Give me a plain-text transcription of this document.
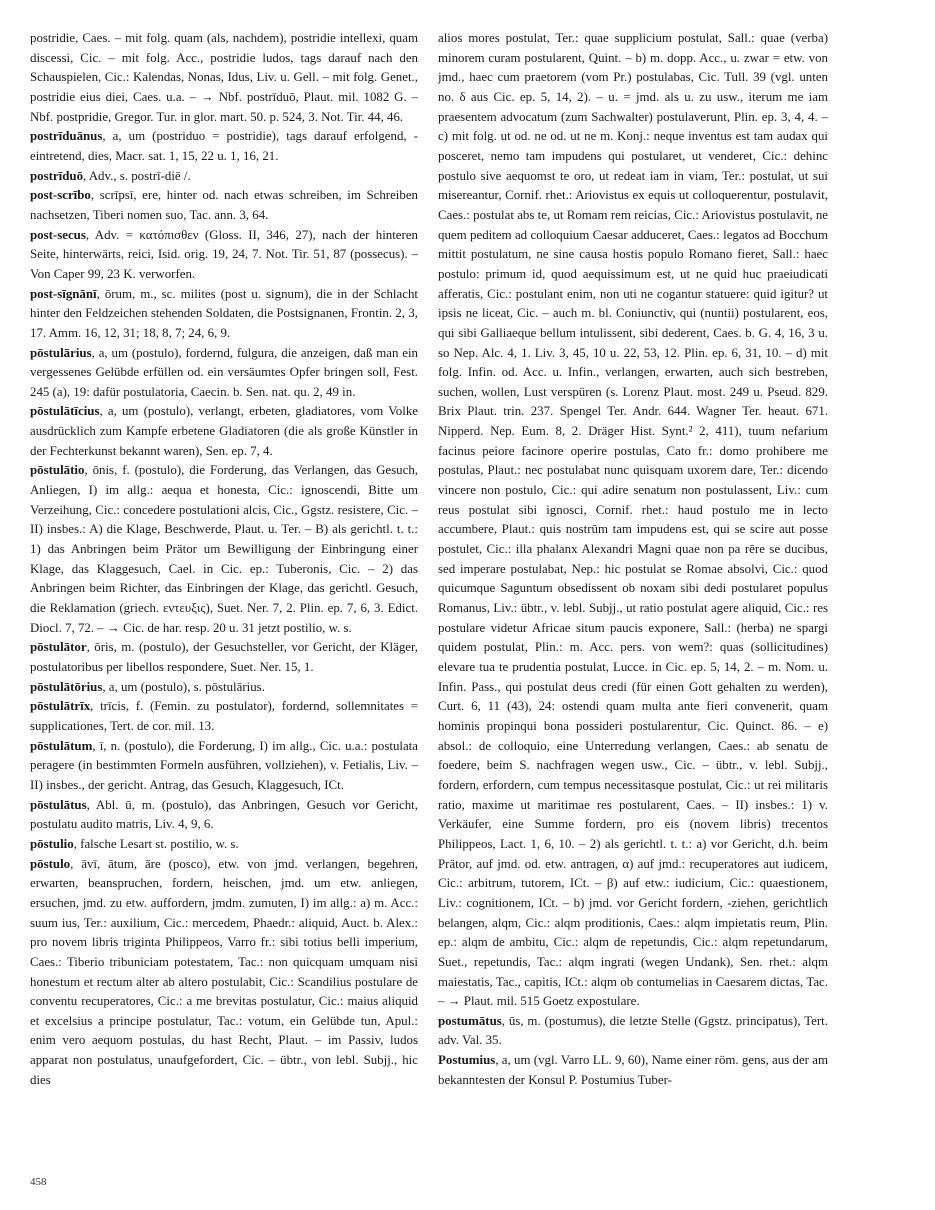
postridie, Caes. – mit folg. quam (als, nachdem), postridie intellexi, quam discessi, Cic. – mit folg. Acc., postridie ludos, tags darauf nach den Schauspielen, Cic.: Kalendas, Nonas, Idus, Liv. u. Gell. – mit folg. Genet., postridie eius diei, Caes. u.a. – → Nbf. postrīduō, Plaut. mil. 1082 G. – Nbf. postpridie, Gregor. Tur. in glor. mart. 50. p. 524, 3. Not. Tir. 44, 46.

postrīduānus, a, um (postriduo = postridie), tags darauf erfolgend, -eintretend, dies, Macr. sat. 1, 15, 22 u. 1, 16, 21.

postrīduō, Adv., s. postrī-diē /.

post-scrībo, scrīpsī, ere, hinter od. nach etwas schreiben, im Schreiben nachsetzen, Tiberi nomen suo, Tac. ann. 3, 64.

post-secus, Adv. = κατόπισθεν (Gloss. II, 346, 27), nach der hinteren Seite, hinterwärts, reici, Isid. orig. 19, 24, 7. Not. Tir. 51, 87 (possecus). – Von Caper 99, 23 K. verworfen.

post-sīgnānī, ōrum, m., sc. milites (post u. signum), die in der Schlacht hinter den Feldzeichen stehenden Soldaten, die Postsignanen, Frontin. 2, 3, 17. Amm. 16, 12, 31; 18, 8, 7; 24, 6, 9.

pōstulārius, a, um (postulo), fordernd, fulgura, die anzeigen, daß man ein vergessenes Gelübde erfüllen od. ein versäumtes Opfer bringen soll, Fest. 245 (a), 19: dafür postulatoria, Caecin. b. Sen. nat. qu. 2, 49 in.

pōstulātīcius, a, um (postulo), verlangt, erbeten, gladiatores, vom Volke ausdrücklich zum Kampfe erbetene Gladiatoren (die als große Künstler in der Fechterkunst bekannt waren), Sen. ep. 7, 4.

pōstulātio, ōnis, f. (postulo), die Forderung, das Verlangen, das Gesuch, Anliegen, I) im allg.: aequa et honesta, Cic.: ignoscendi, Bitte um Verzeihung, Cic.: concedere postulationi alcis, Cic., Ggstz. resistere, Cic. – II) insbes.: A) die Klage, Beschwerde, Plaut. u. Ter. – B) als gerichtl. t. t.: 1) das Anbringen beim Prätor um Bewilligung der Einbringung einer Klage, das Klaggesuch, Cael. in Cic. ep.: Tuberonis, Cic. – 2) das Anbringen beim Richter, das Einbringen der Klage, das gerichtl. Gesuch, die Reklamation (griech. εντευξις), Suet. Ner. 7, 2. Plin. ep. 7, 6, 3. Edict. Diocl. 7, 72. – → Cic. de har. resp. 20 u. 31 jetzt postilio, w. s.

pōstulātor, ōris, m. (postulo), der Gesuchsteller, vor Gericht, der Kläger, postulatoribus per libellos respondere, Suet. Ner. 15, 1.

pōstulātōrius, a, um (postulo), s. pōstulārius.

pōstulātrīx, trīcis, f. (Femin. zu postulator), fordernd, sollemnitates = supplicationes, Tert. de cor. mil. 13.

pōstulātum, ī, n. (postulo), die Forderung, I) im allg., Cic. u.a.: postulata peragere (in bestimmten Formeln ausführen, vollziehen), v. Fetialis, Liv. – II) insbes., der gericht. Antrag, das Gesuch, Klaggesuch, ICt.

pōstulātus, Abl. ū, m. (postulo), das Anbringen, Gesuch vor Gericht, postulatu audito matris, Liv. 4, 9, 6.

pōstulio, falsche Lesart st. postilio, w. s.

pōstulo, āvī, ātum, āre (posco), etw. von jmd. verlangen, begehren, erwarten, beanspruchen, fordern, heischen, jmd. um etw. anliegen, ersuchen, jmd. zu etw. auffordern, jmdm. zumuten, I) im allg.: a) m. Acc.: suum ius, Ter.: auxilium, Cic.: mercedem, Phaedr.: aliquid, Auct. b. Alex.: pro novem libris triginta Philippeos, Varro fr.: sibi totius belli imperium, Caes.: Tiberio tribuniciam potestatem, Tac.: non quicquam umquam nisi honestum et rectum alter ab altero postulabit, Cic.: Scandilius postulare de conventu recuperatores, Cic.: a me brevitas postulatur, Cic.: maius aliquid et excelsius a principe postulatur, Tac.: votum, ein Gelübde tun, Apul.: enim vero aequom postulas, du hast Recht, Plaut. – im Passiv, ludos apparat non postulatus, unaufgefordert, Cic. – übtr., von lebl. Subjj., hic dies

alios mores postulat, Ter.: quae supplicium postulat, Sall.: quae (verba) minorem curam postularent, Quint. – b) m. dopp. Acc., u. zwar = etw. von jmd., haec cum praetorem (vom Pr.) postulabas, Cic. Tull. 39 (vgl. unten no. δ aus Cic. ep. 5, 14, 2). – u. = jmd. als u. zu usw., iterum me iam praesentem advocatum (zum Sachwalter) postulaverunt, Plin. ep. 3, 4, 4. – c) mit folg. ut od. ne od. ut ne m. Konj.: neque inventus est tam audax qui posceret, nemo tam impudens qui postularet, ut venderet, Cic.: dehinc postulo sive aequomst te oro, ut redeat iam in viam, Ter.: postulat, ut sui misereantur, Cornif. rhet.: Ariovistus ex equis ut colloquerentur, postulavit, Caes.: postulat abs te, ut Romam rem reicias, Cic.: Ariovistus postulavit, ne quem peditem ad colloquium Caesar adduceret, Caes.: legatos ad Bocchum mittit postulatum, ne sine causa hostis populo Romano fieret, Sall.: haec postulo: primum id, quod aequissimum est, ut ne quid huc praeiudicati afferatis, Cic.: postulant enim, non uti ne cogantur statuere: quid igitur? ut ipsis ne liceat, Cic. – auch m. bl. Coniunctiv, qui (nuntii) postularent, eos, qui sibi Galliaeque bellum intulissent, sibi dederent, Caes. b. G. 4, 16, 3 u. so Nep. Alc. 4, 1. Liv. 3, 45, 10 u. 22, 53, 12. Plin. ep. 6, 31, 10. – d) mit folg. Infin. od. Acc. u. Infin., verlangen, erwarten, auch sich bestreben, suchen, wollen, Lust verspüren (s. Lorenz Plaut. most. 249 u. Pseud. 829. Brix Plaut. trin. 237. Spengel Ter. Andr. 644. Wagner Ter. heaut. 671. Nipperd. Nep. Eum. 8, 2. Dräger Hist. Synt.² 2, 411), tuum nefarium facinus peiore facinore operire postulas, Cato fr.: domo prohibere me postulas, Plaut.: nec postulabat nunc quisquam uxorem dare, Ter.: dicendo vincere non postulo, Cic.: qui adire senatum non postulassent, Liv.: cum reus postulat sibi ignosci, Cornif. rhet.: haud postulo me in lecto accumbere, Plaut.: quis nostrūm tam impudens est, qui se scire aut posse postulet, Cic.: illa phalanx Alexandri Magni quae non pa rēre se ducibus, sed imperare postulabat, Nep.: hic postulat se Romae absolvi, Cic.: quod quicumque Saguntum obsedissent ob noxam sibi dedi postularet populus Romanus, Liv.: übtr., v. lebl. Subjj., ut ratio postulat agere aliquid, Cic.: res postulare videtur Africae situm paucis exponere, Sall.: (herba) ne spargi quidem postulat, Plin.: m. Acc. pers. von wem?: quas (sollicitudines) elevare tua te prudentia postulat, Lucce. in Cic. ep. 5, 14, 2. – m. Nom. u. Infin. Pass., qui postulat deus credi (für einen Gott gehalten zu werden), Curt. 6, 11 (43), 24: ostendi quam multa ante fieri convenerit, quam hominis propinqui bona possideri postularentur, Cic. Quinct. 86. – e) absol.: de colloquio, eine Unterredung verlangen, Caes.: ab senatu de foedere, beim S. nachfragen wegen usw., Cic. – übtr., v. lebl. Subjj., fordern, erfordern, cum tempus necessitasque postulat, Cic.: ut rei militaris ratio, maxime ut maritimae res postularent, Caes. – II) insbes.: 1) v. Verkäufer, eine Summe fordern, pro eis (novem libris) trecentos Philippeos, Lact. 1, 6, 10. – 2) als gerichtl. t. t.: a) vor Gericht, d.h. beim Prätor, auf jmd. od. etw. antragen, α) auf jmd.: recuperatores aut iudicem, Cic.: arbitrum, tutorem, ICt. – β) auf etw.: iudicium, Cic.: quaestionem, Liv.: cognitionem, ICt. – b) jmd. vor Gericht fordern, -ziehen, gerichtlich belangen, alqm, Cic.: alqm proditionis, Caes.: alqm impietatis reum, Plin. ep.: alqm de ambitu, Cic.: alqm de repetundis, Cic.: alqm repetundarum, Suet., repetundis, Tac.: alqm ingrati (wegen Undank), Sen. rhet.: alqm maiestatis, Tac., capitis, ICt.: alqm ob contumelias in Caesarem dictas, Tac. – → Plaut. mil. 515 Goetz expostulare.

postumātus, ūs, m. (postumus), die letzte Stelle (Ggstz. principatus), Tert. adv. Val. 35.

Postumius, a, um (vgl. Varro LL. 9, 60), Name einer röm. gens, aus der am bekanntesten der Konsul P. Postumius Tuber-

458
